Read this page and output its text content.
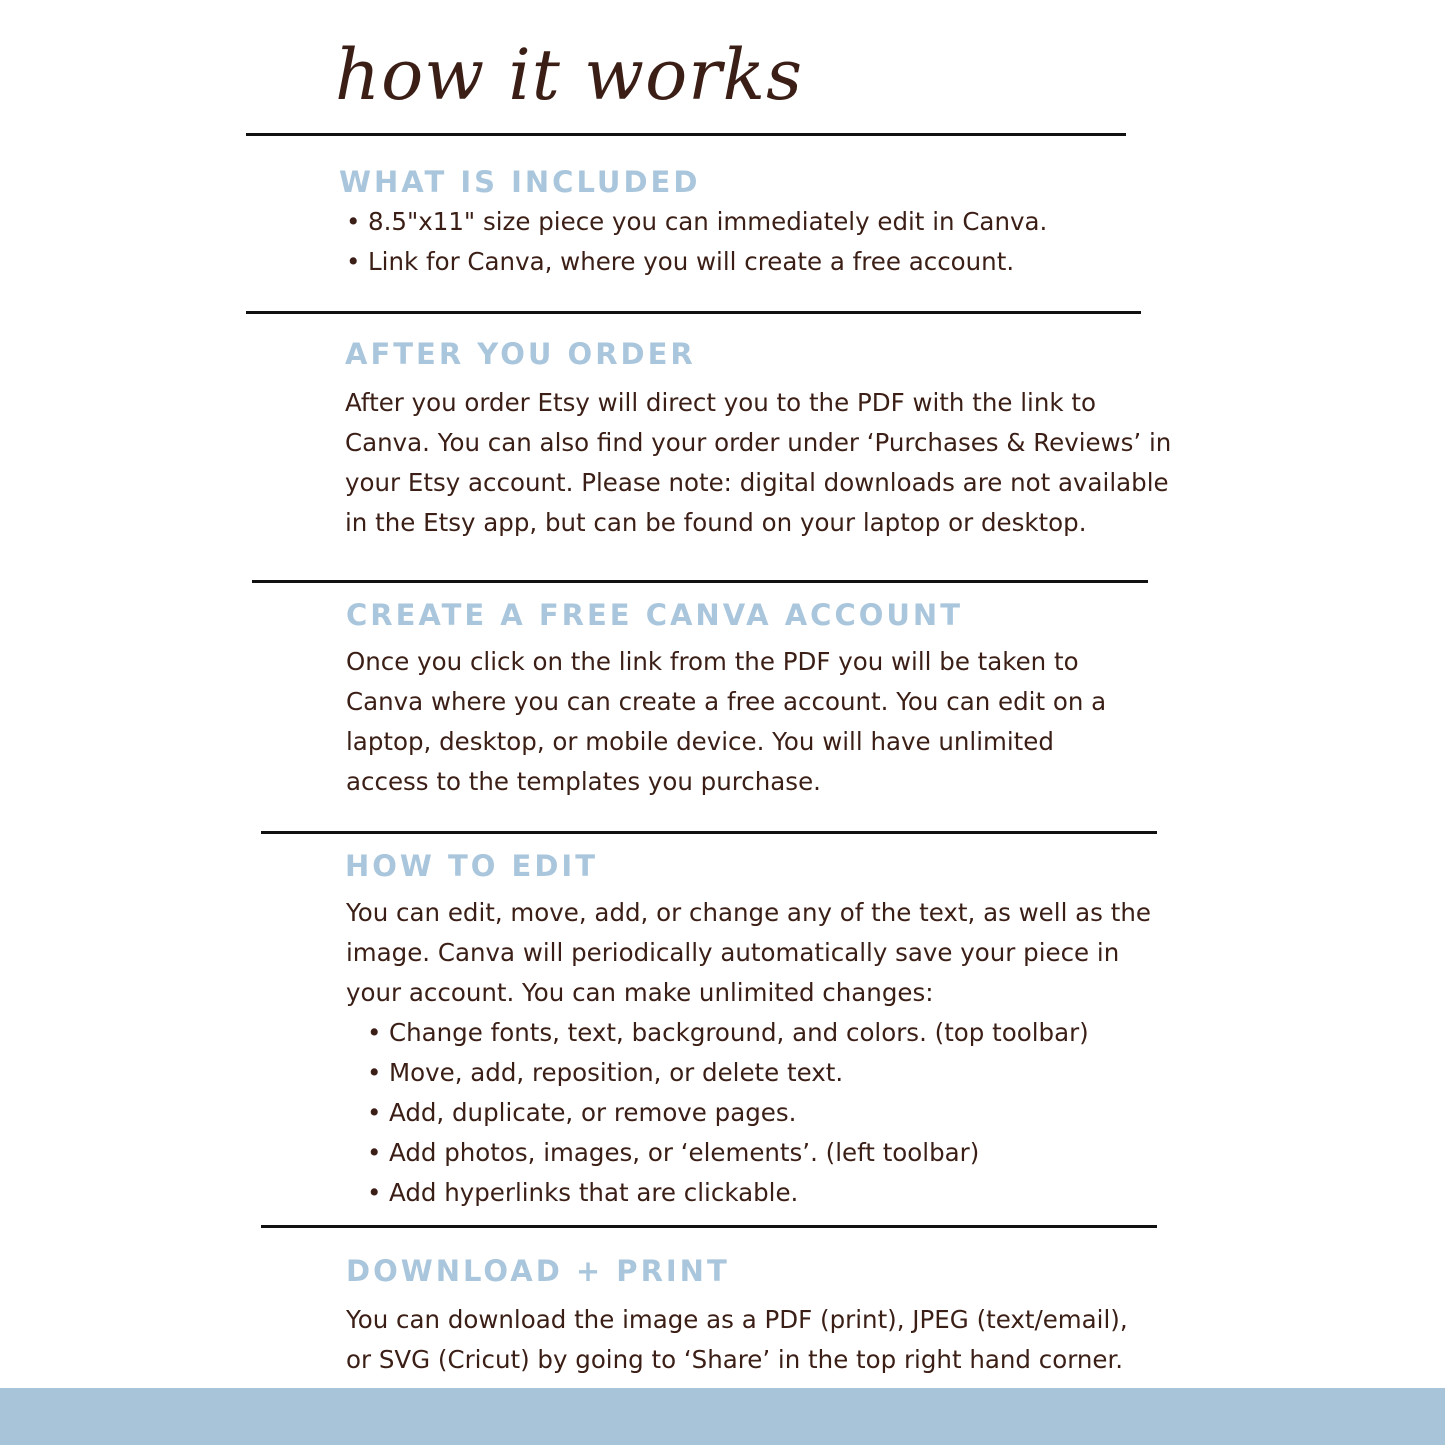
how it works
WHAT IS INCLUDED
• 8.5"x11" size piece you can immediately edit in Canva.
• Link for Canva, where you will create a free account.
AFTER YOU ORDER
After you order Etsy will direct you to the PDF with the link to
Canva. You can also find your order under ‘Purchases & Reviews’ in
your Etsy account. Please note: digital downloads are not available
in the Etsy app, but can be found on your laptop or desktop.
CREATE A FREE CANVA ACCOUNT
Once you click on the link from the PDF you will be taken to
Canva where you can create a free account. You can edit on a
laptop, desktop, or mobile device. You will have unlimited
access to the templates you purchase.
HOW TO EDIT
You can edit, move, add, or change any of the text, as well as the
image. Canva will periodically automatically save your piece in
your account. You can make unlimited changes:
• Change fonts, text, background, and colors. (top toolbar)
• Move, add, reposition, or delete text.
• Add, duplicate, or remove pages.
• Add photos, images, or ‘elements’. (left toolbar)
• Add hyperlinks that are clickable.
DOWNLOAD + PRINT
You can download the image as a PDF (print), JPEG (text/email),
or SVG (Cricut) by going to ‘Share’ in the top right hand corner.
